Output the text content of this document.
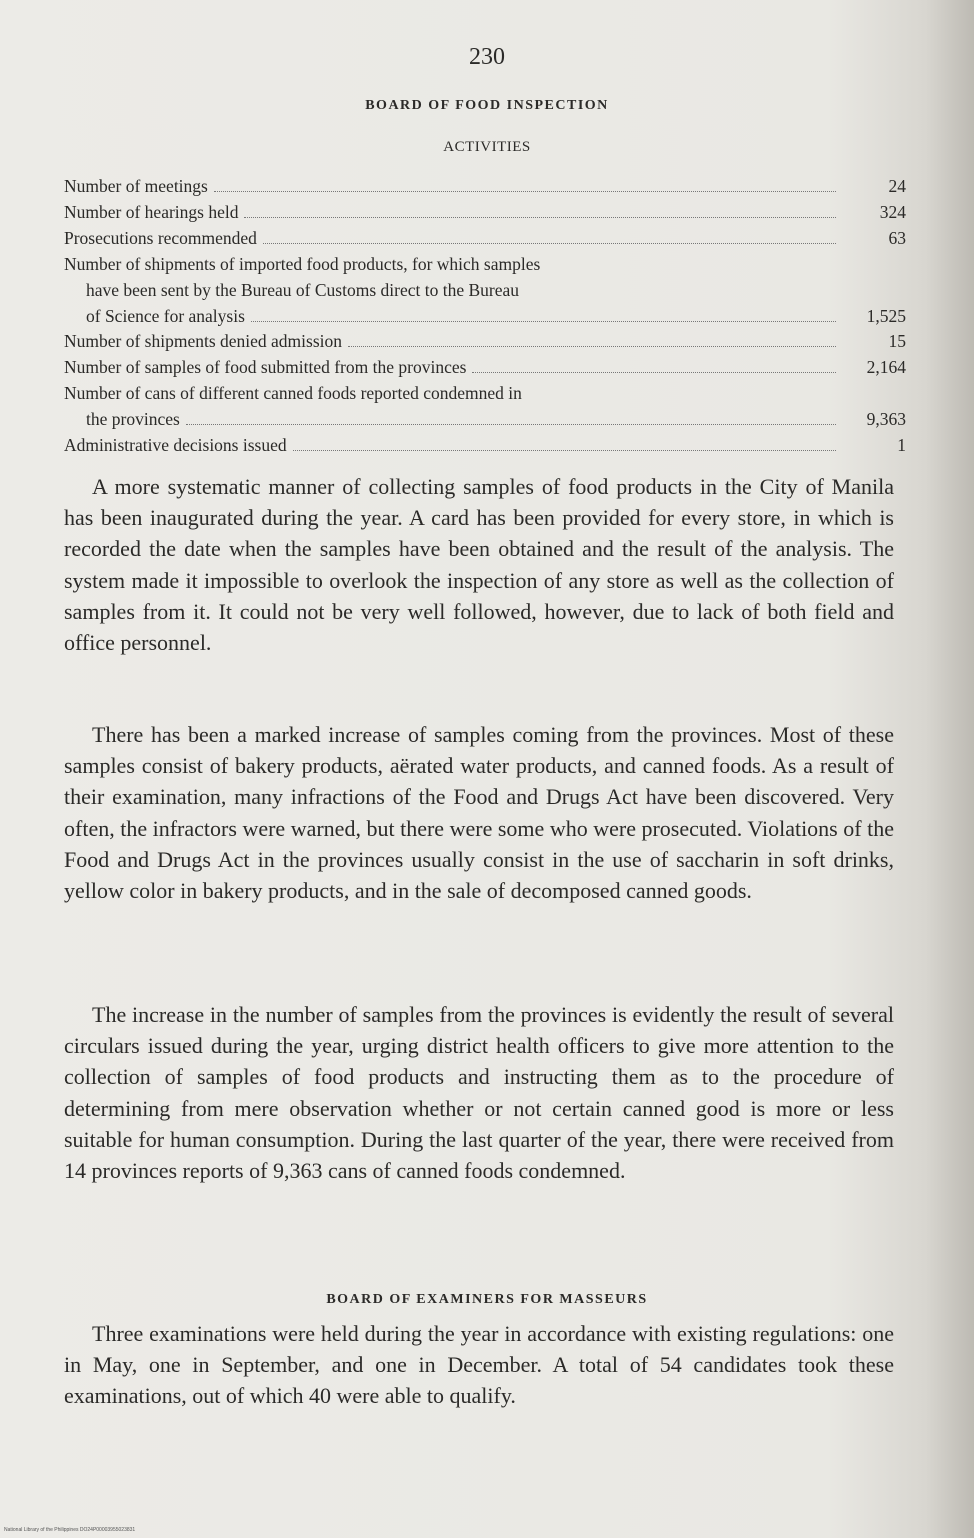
230
BOARD OF FOOD INSPECTION
ACTIVITIES
Number of meetings	24
Number of hearings held	324
Prosecutions recommended	63
Number of shipments of imported food products, for which samples
have been sent by the Bureau of Customs direct to the Bureau
of Science for analysis	1,525
Number of shipments denied admission	15
Number of samples of food submitted from the provinces	2,164
Number of cans of different canned foods reported condemned in
the provinces	9,363
Administrative decisions issued	1

A more systematic manner of collecting samples of food products in the City of Manila has been inaugurated during the year. A card has been provided for every store, in which is recorded the date when the samples have been obtained and the result of the analysis. The system made it impossible to overlook the inspection of any store as well as the collection of samples from it. It could not be very well followed, however, due to lack of both field and office personnel.

There has been a marked increase of samples coming from the provinces. Most of these samples consist of bakery products, aërated water products, and canned foods. As a result of their examination, many infractions of the Food and Drugs Act have been discovered. Very often, the infractors were warned, but there were some who were prosecuted. Violations of the Food and Drugs Act in the provinces usually consist in the use of saccharin in soft drinks, yellow color in bakery products, and in the sale of decomposed canned goods.

The increase in the number of samples from the provinces is evidently the result of several circulars issued during the year, urging district health officers to give more attention to the collection of samples of food products and instructing them as to the procedure of determining from mere observation whether or not certain canned good is more or less suitable for human consumption. During the last quarter of the year, there were received from 14 provinces reports of 9,363 cans of canned foods condemned.

BOARD OF EXAMINERS FOR MASSEURS

Three examinations were held during the year in accordance with existing regulations: one in May, one in September, and one in December. A total of 54 candidates took these examinations, out of which 40 were able to qualify.

National Library of the Philippines DO24P00003955023831
